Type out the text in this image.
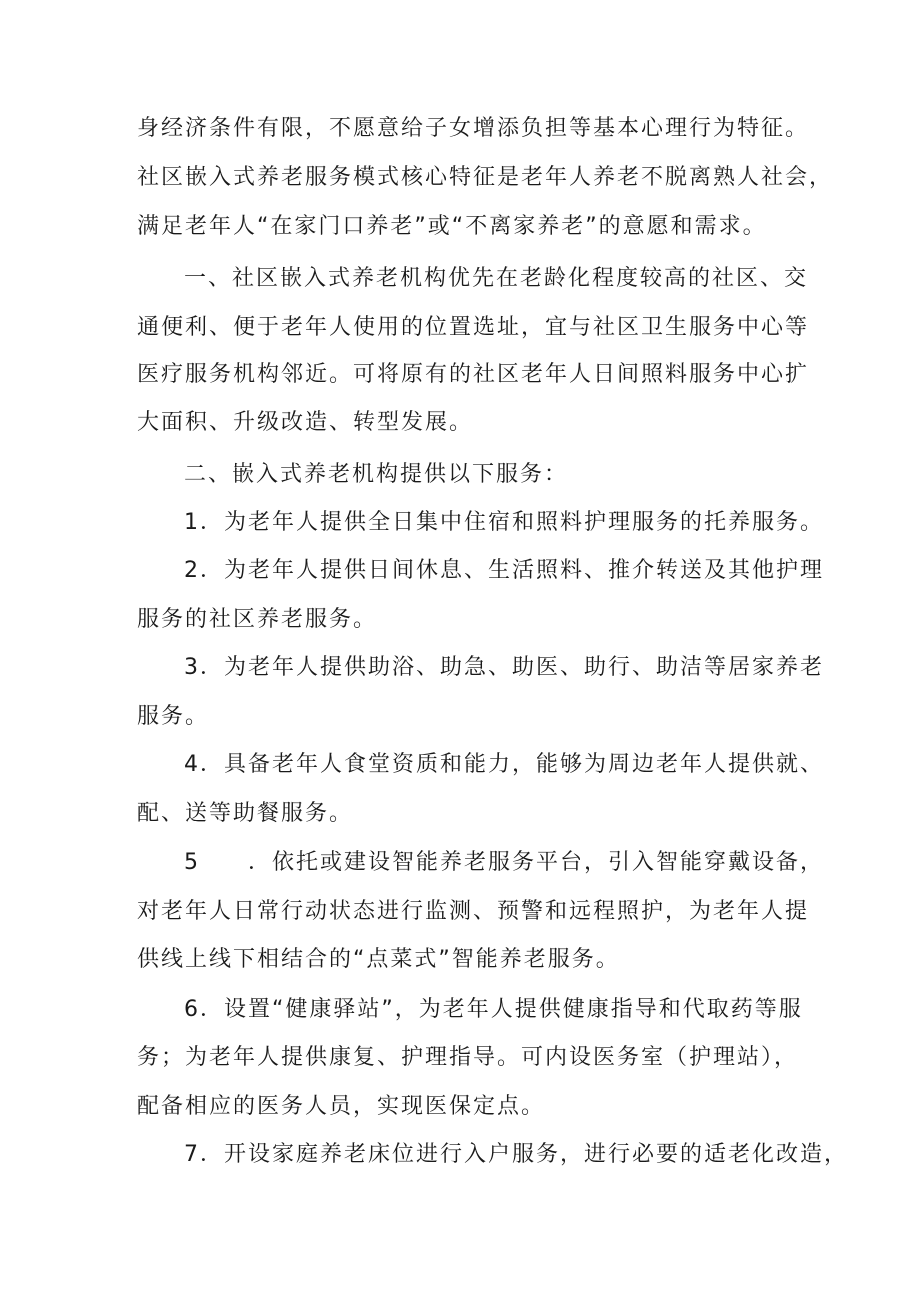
身经济条件有限，不愿意给子女增添负担等基本心理行为特征。
社区嵌入式养老服务模式核心特征是老年人养老不脱离熟人社会，
满足老年人“在家门口养老”或“不离家养老”的意愿和需求。
一、社区嵌入式养老机构优先在老龄化程度较高的社区、交
通便利、便于老年人使用的位置选址，宜与社区卫生服务中心等
医疗服务机构邻近。可将原有的社区老年人日间照料服务中心扩
大面积、升级改造、转型发展。
二、嵌入式养老机构提供以下服务：
1．为老年人提供全日集中住宿和照料护理服务的托养服务。
2．为老年人提供日间休息、生活照料、推介转送及其他护理
服务的社区养老服务。
3．为老年人提供助浴、助急、助医、助行、助洁等居家养老
服务。
4．具备老年人食堂资质和能力，能够为周边老年人提供就、
配、送等助餐服务。
5　　．依托或建设智能养老服务平台，引入智能穿戴设备，
对老年人日常行动状态进行监测、预警和远程照护，为老年人提
供线上线下相结合的“点菜式”智能养老服务。
6．设置“健康驿站”，为老年人提供健康指导和代取药等服
务；为老年人提供康复、护理指导。可内设医务室（护理站），
配备相应的医务人员，实现医保定点。
7．开设家庭养老床位进行入户服务，进行必要的适老化改造，
